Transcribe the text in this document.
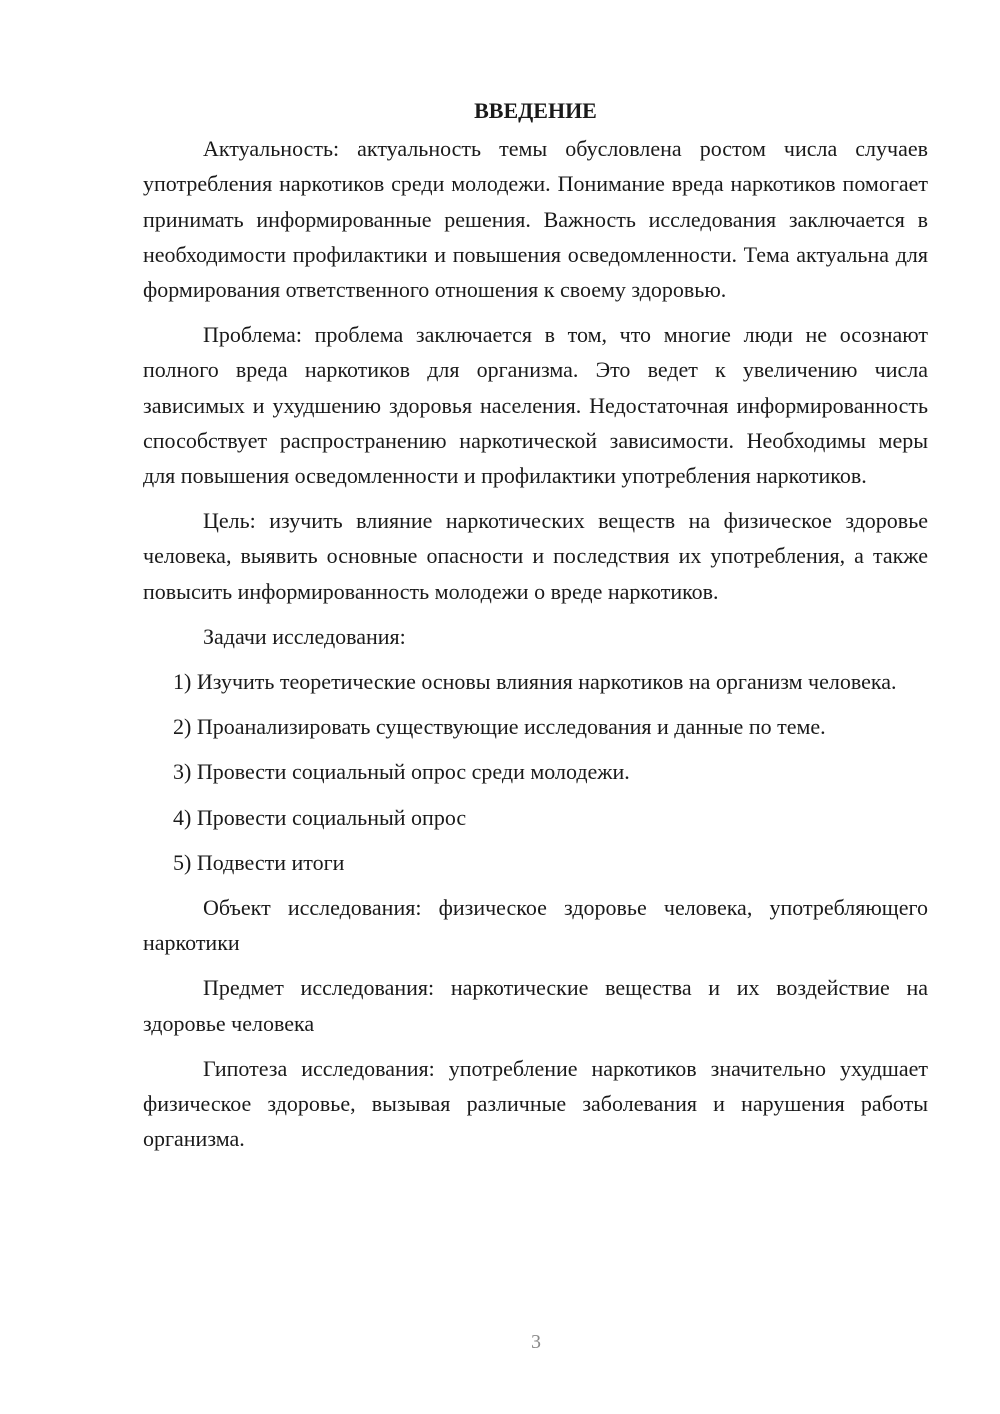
ВВЕДЕНИЕ

Актуальность: актуальность темы обусловлена ростом числа случаев употребления наркотиков среди молодежи. Понимание вреда наркотиков помогает принимать информированные решения. Важность исследования заключается в необходимости профилактики и повышения осведомленности. Тема актуальна для формирования ответственного отношения к своему здоровью.

Проблема: проблема заключается в том, что многие люди не осознают полного вреда наркотиков для организма. Это ведет к увеличению числа зависимых и ухудшению здоровья населения. Недостаточная информированность способствует распространению наркотической зависимости. Необходимы меры для повышения осведомленности и профилактики употребления наркотиков.

Цель: изучить влияние наркотических веществ на физическое здоровье человека, выявить основные опасности и последствия их употребления, а также повысить информированность молодежи о вреде наркотиков.

Задачи исследования:

1) Изучить теоретические основы влияния наркотиков на организм человека.

2) Проанализировать существующие исследования и данные по теме.

3) Провести социальный опрос среди молодежи.

4) Провести социальный опрос

5) Подвести итоги

Объект исследования: физическое здоровье человека, употребляющего наркотики

Предмет исследования: наркотические вещества и их воздействие на здоровье человека

Гипотеза исследования: употребление наркотиков значительно ухудшает физическое здоровье, вызывая различные заболевания и нарушения работы организма.

3
